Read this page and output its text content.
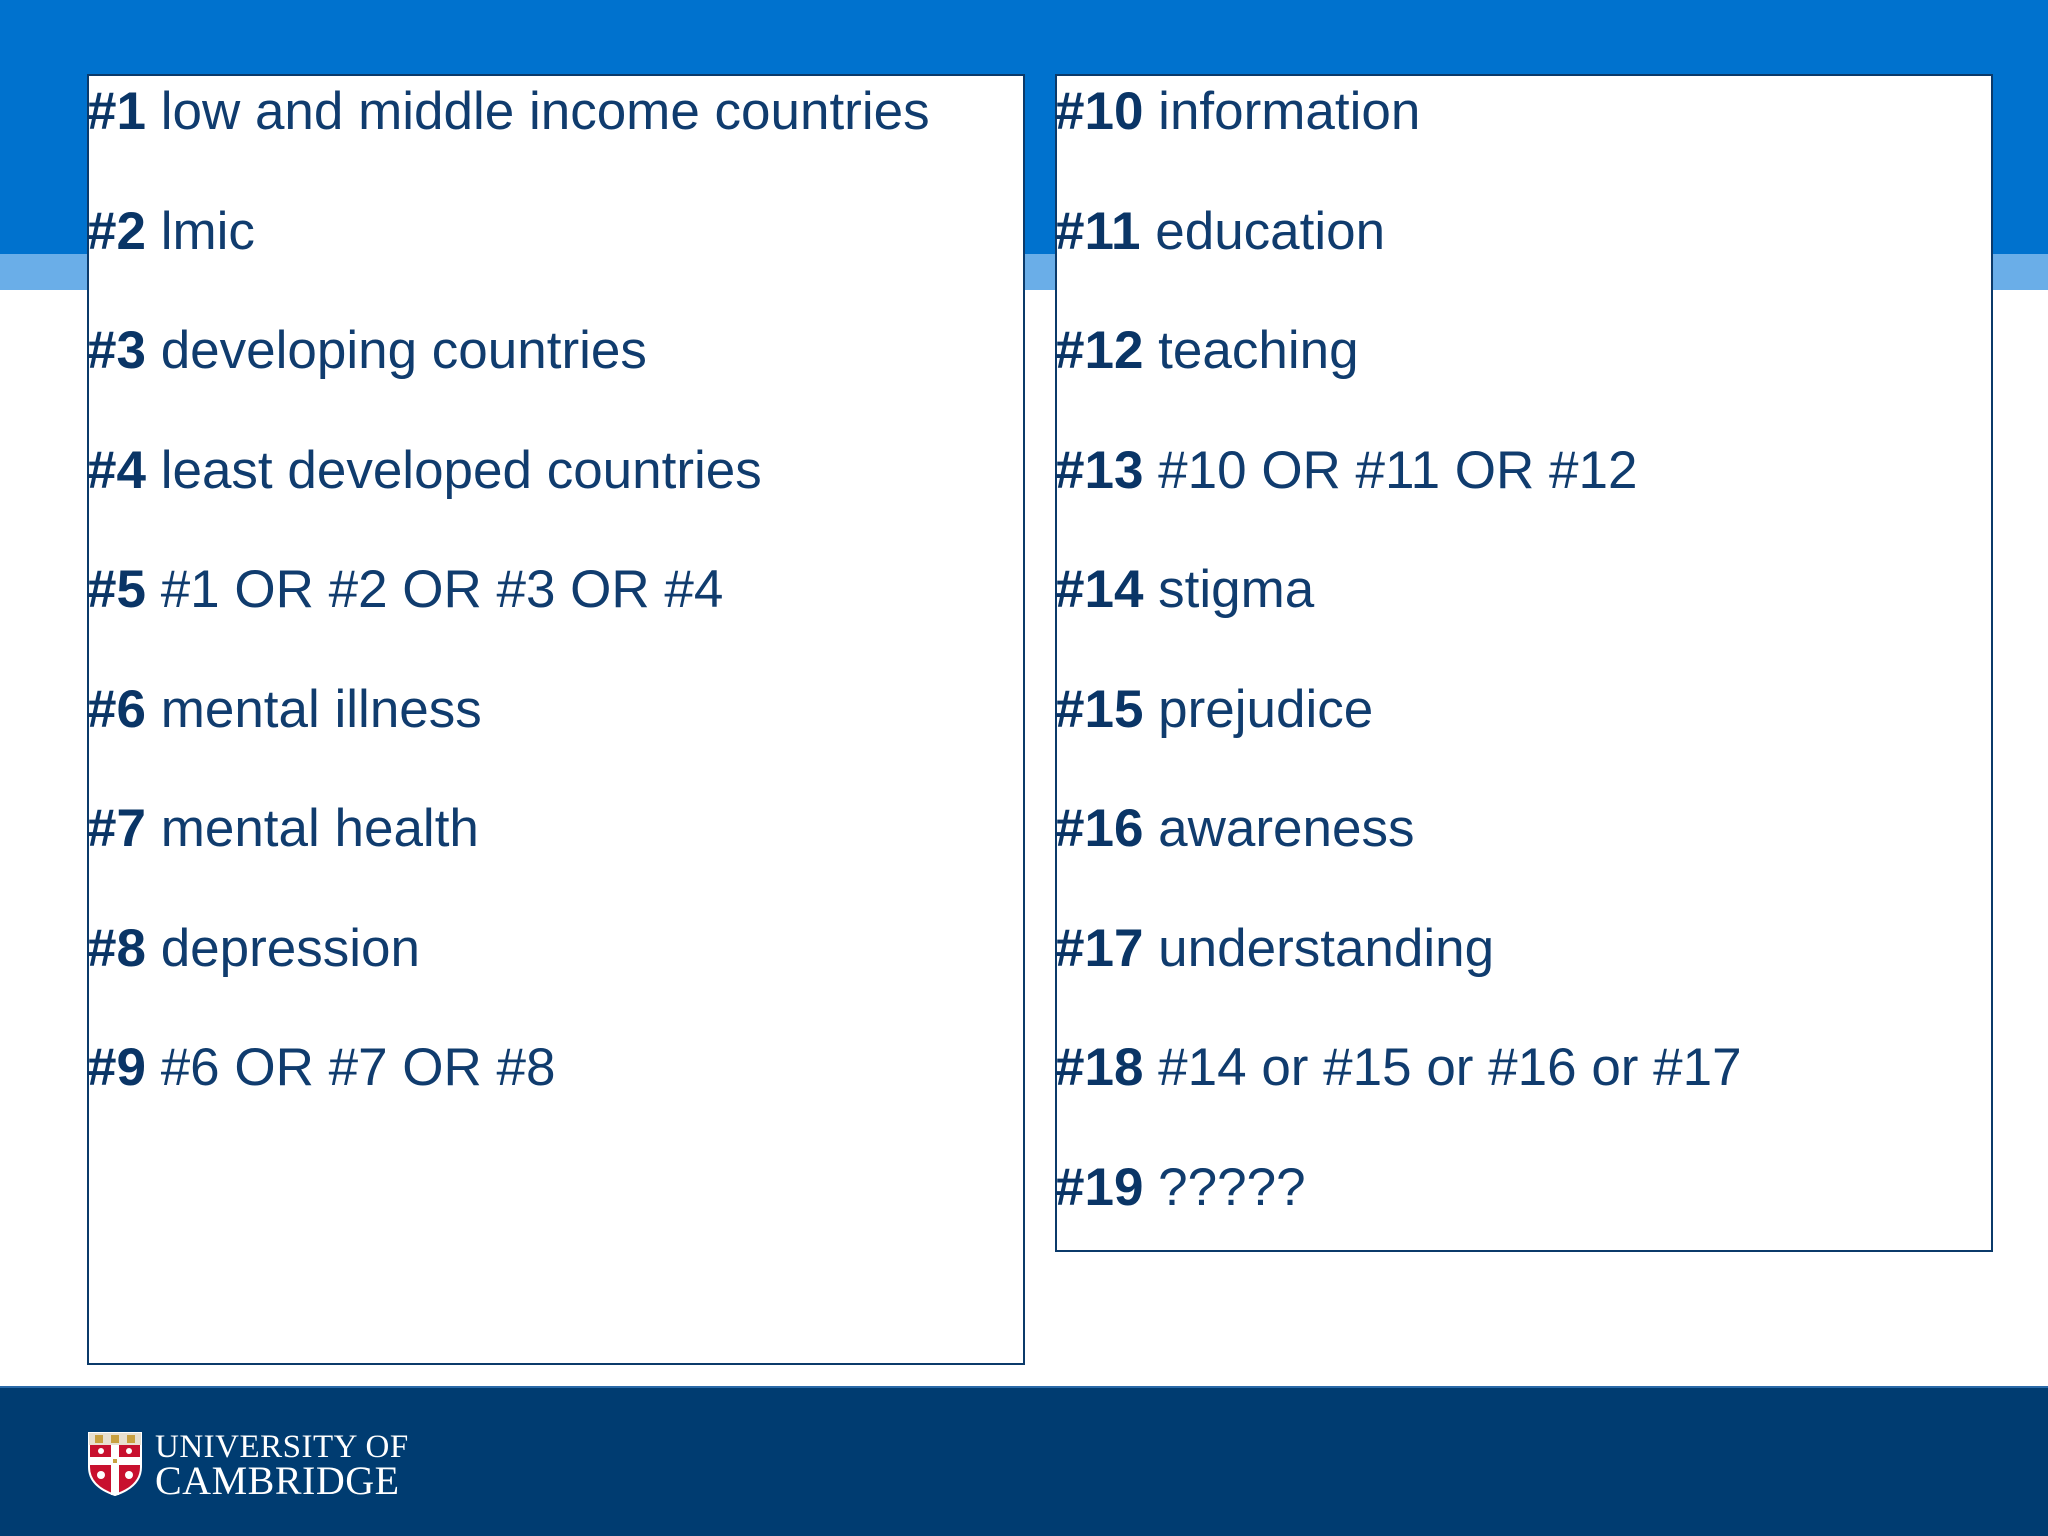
#1 low and middle income countries
#2 lmic
#3 developing countries
#4 least developed countries
#5 #1 OR #2 OR #3 OR #4
#6 mental illness
#7 mental health
#8 depression
#9 #6 OR #7 OR #8
#10 information
#11 education
#12 teaching
#13 #10 OR #11 OR #12
#14 stigma
#15 prejudice
#16 awareness
#17 understanding
#18 #14 or #15 or #16 or #17
#19 ?????
UNIVERSITY OF
CAMBRIDGE
